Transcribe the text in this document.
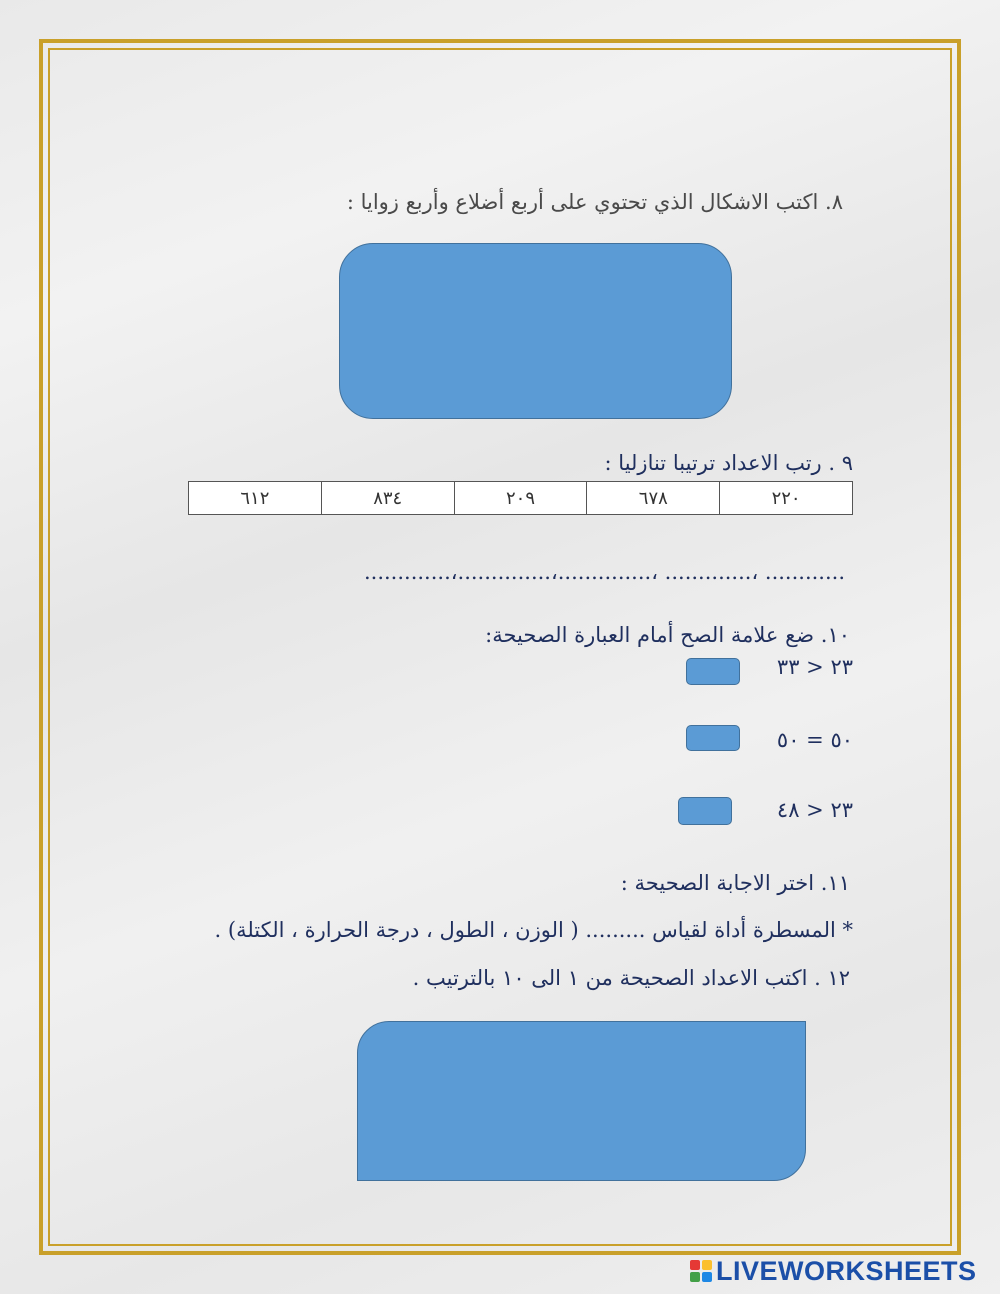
٨. اكتب الاشكال الذي تحتوي على أربع أضلاع وأربع زوايا :
٩ . رتب الاعداد ترتيبا تنازليا :
٢٢٠	٦٧٨	٢٠٩	٨٣٤	٦١٢
............ ،............. ،..............،..............،.............
١٠. ضع علامة الصح أمام العبارة الصحيحة:
٢٣ < ٣٣
٥٠ = ٥٠
٢٣ < ٤٨
١١. اختر الاجابة الصحيحة :
* المسطرة أداة لقياس ......... ( الوزن ، الطول ، درجة الحرارة ، الكتلة) .
١٢ . اكتب الاعداد الصحيحة من ١ الى ١٠ بالترتيب .
LIVEWORKSHEETS
